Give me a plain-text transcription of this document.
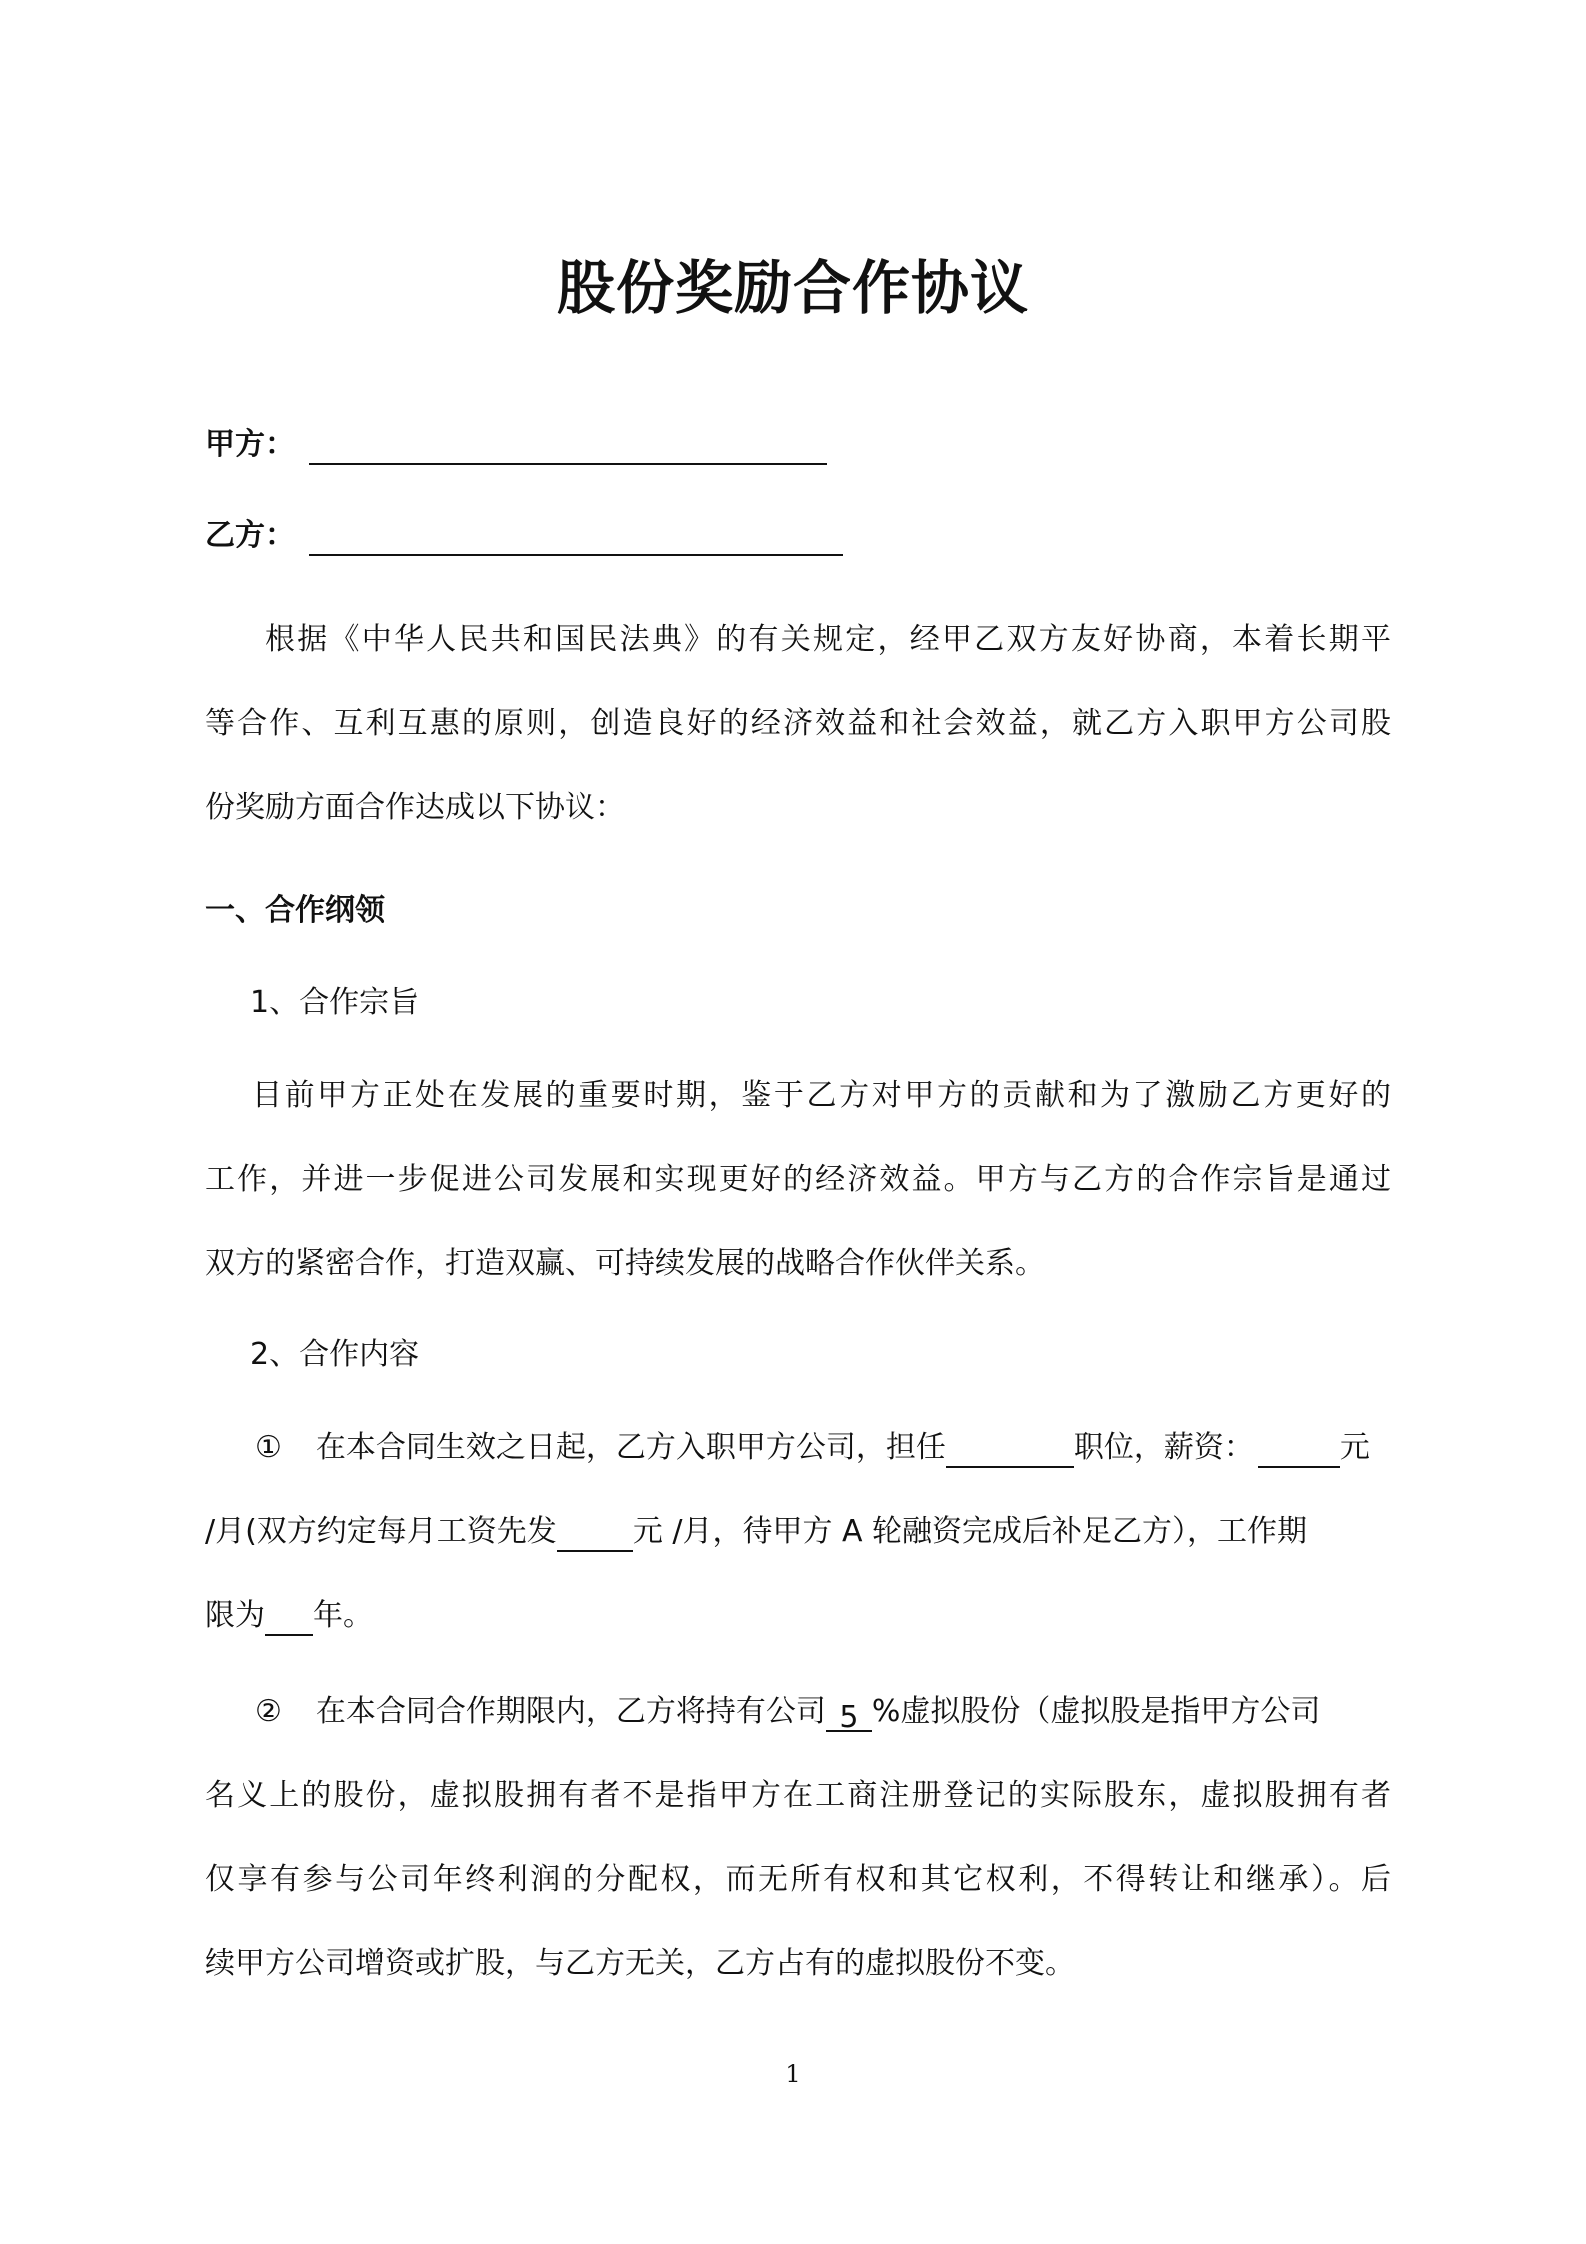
股份奖励合作协议
甲方：
乙方：
根据《中华人民共和国民法典》的有关规定，经甲乙双方友好协商，本着长期平
等合作、互利互惠的原则，创造良好的经济效益和社会效益，就乙方入职甲方公司股
份奖励方面合作达成以下协议：
一、合作纲领
1、合作宗旨
目前甲方正处在发展的重要时期，鉴于乙方对甲方的贡献和为了激励乙方更好的
工作，并进一步促进公司发展和实现更好的经济效益。甲方与乙方的合作宗旨是通过
双方的紧密合作，打造双赢、可持续发展的战略合作伙伴关系。
2、合作内容
① 在本合同生效之日起，乙方入职甲方公司，担任	职位，薪资：	元
/月(双方约定每月工资先发	元 /月，待甲方 A 轮融资完成后补足乙方），工作期
限为 年。
② 在本合同合作期限内，乙方将持有公司 5 %虚拟股份（虚拟股是指甲方公司
名义上的股份，虚拟股拥有者不是指甲方在工商注册登记的实际股东，虚拟股拥有者
仅享有参与公司年终利润的分配权，而无所有权和其它权利，不得转让和继承）。后
续甲方公司增资或扩股，与乙方无关，乙方占有的虚拟股份不变。
1
